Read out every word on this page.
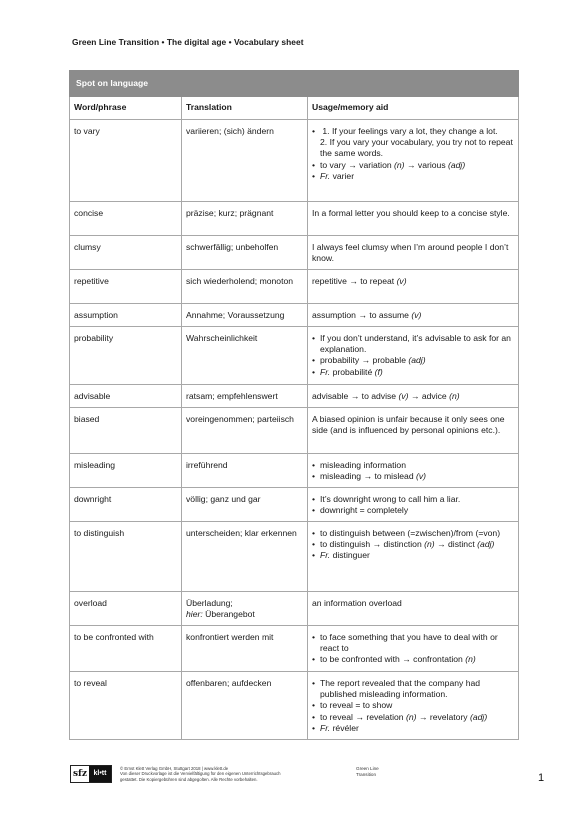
Green Line Transition • The digital age • Vocabulary sheet
Spot on language		
Word/phrase	Translation	Usage/memory aid
to vary	variieren; (sich) ändern	• 1. If your feelings vary a lot, they change a lot.
2. If you vary your vocabulary, you try not to repeat the same words.
• to vary → variation (n) → various (adj)
• Fr. varier

concise	präzise; kurz; prägnant	In a formal letter you should keep to a concise style.
clumsy	schwerfällig; unbeholfen	I always feel clumsy when I’m around people I don’t know.
repetitive	sich wiederholend; monoton	repetitive → to repeat (v)
assumption	Annahme; Voraussetzung	assumption → to assume (v)
probability	Wahrscheinlichkeit	• If you don’t understand, it’s advisable to ask for an explanation.
• probability → probable (adj)
• Fr. probabilité (f)

advisable	ratsam; empfehlenswert	advisable → to advise (v) → advice (n)
biased	voreingenommen; parteiisch	A biased opinion is unfair because it only sees one side (and is influenced by personal opinions etc.).
misleading	irreführend	• misleading information
• misleading → to mislead (v)

downright	völlig; ganz und gar	• It’s downright wrong to call him a liar.
• downright = completely

to distinguish	unterscheiden; klar erkennen	• to distinguish between (=zwischen)/from (=von)
• to distinguish → distinction (n) → distinct (adj)
• Fr. distinguer

overload	Überladung;
hier: Überangebot	an information overload
to be confronted with	konfrontiert werden mit	• to face something that you have to deal with or react to
• to be confronted with → confrontation (n)

to reveal	offenbaren; aufdecken	• The report revealed that the company had published misleading information.
• to reveal = to show
• to reveal → revelation (n) → revelatory (adj)
• Fr. révéler
sfz kl•tt
© Ernst Klett Verlag GmbH, Stuttgart 2018 | www.klett.de
Von dieser Druckvorlage ist die Vervielfältigung für den eigenen Unterrichtsgebrauch
gestattet. Die Kopiergebühren sind abgegolten. Alle Rechte vorbehalten.
Green Line
Transition	1
